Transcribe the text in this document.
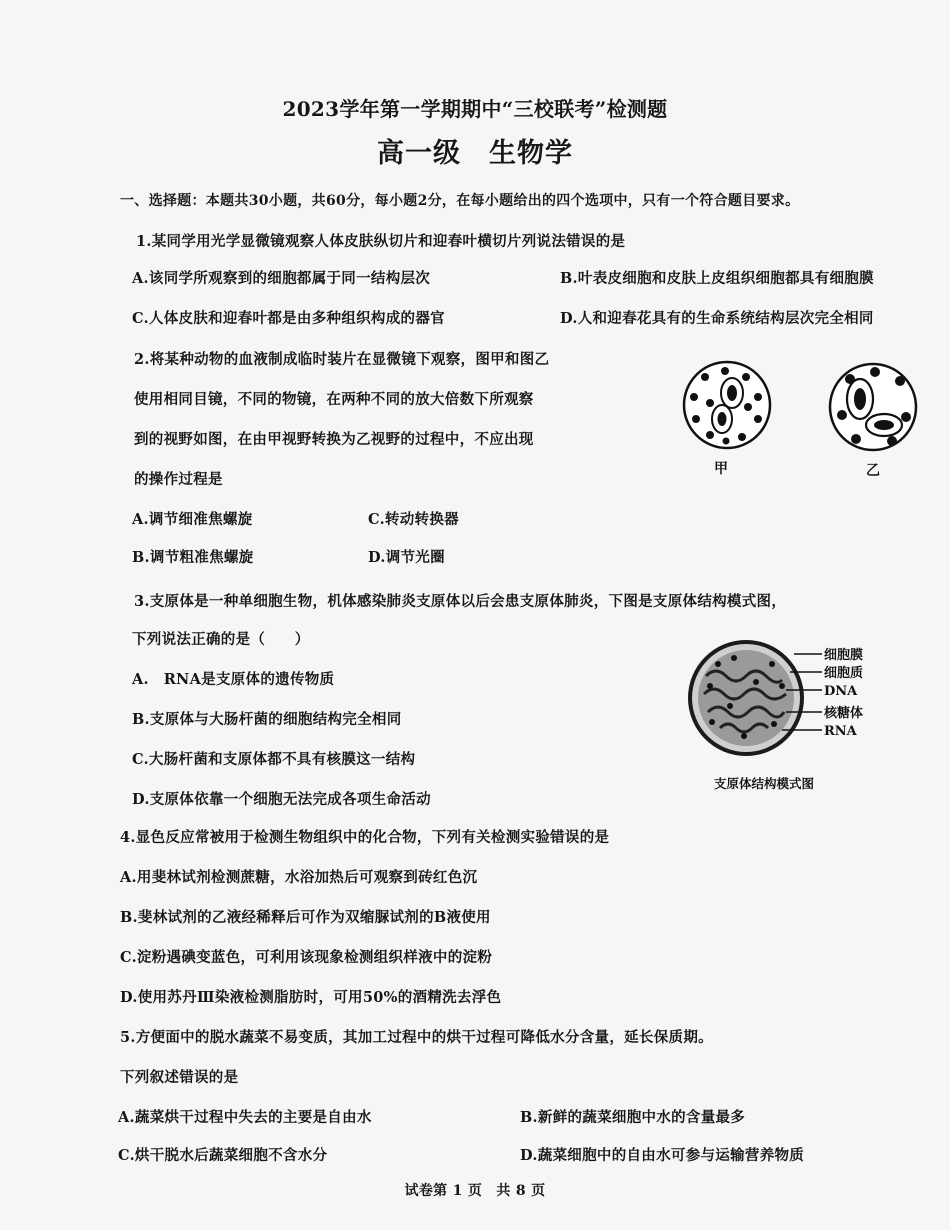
2023学年第一学期期中“三校联考”检测题
高一级　生物学
一、选择题：本题共30小题，共60分，每小题2分，在每小题给出的四个选项中，只有一个符合题目要求。
1.某同学用光学显微镜观察人体皮肤纵切片和迎春叶横切片列说法错误的是
A.该同学所观察到的细胞都属于同一结构层次	B.叶表皮细胞和皮肤上皮组织细胞都具有细胞膜
C.人体皮肤和迎春叶都是由多种组织构成的器官	D.人和迎春花具有的生命系统结构层次完全相同
2.将某种动物的血液制成临时装片在显微镜下观察，图甲和图乙
使用相同目镜，不同的物镜，在两种不同的放大倍数下所观察
到的视野如图，在由甲视野转换为乙视野的过程中，不应出现
的操作过程是
A.调节细准焦螺旋	C.转动转换器
B.调节粗准焦螺旋	D.调节光圈
甲	乙
3.支原体是一种单细胞生物，机体感染肺炎支原体以后会患支原体肺炎，下图是支原体结构模式图，
下列说法正确的是（　　）
A.　RNA是支原体的遗传物质
B.支原体与大肠杆菌的细胞结构完全相同
C.大肠杆菌和支原体都不具有核膜这一结构
D.支原体依靠一个细胞无法完成各项生命活动
细胞膜
细胞质
DNA
核糖体
RNA
支原体结构模式图
4.显色反应常被用于检测生物组织中的化合物，下列有关检测实验错误的是
A.用斐林试剂检测蔗糖，水浴加热后可观察到砖红色沉
B.斐林试剂的乙液经稀释后可作为双缩脲试剂的B液使用
C.淀粉遇碘变蓝色，可利用该现象检测组织样液中的淀粉
D.使用苏丹Ⅲ染液检测脂肪时，可用50%的酒精洗去浮色
5.方便面中的脱水蔬菜不易变质，其加工过程中的烘干过程可降低水分含量，延长保质期。
下列叙述错误的是
A.蔬菜烘干过程中失去的主要是自由水	B.新鲜的蔬菜细胞中水的含量最多
C.烘干脱水后蔬菜细胞不含水分	D.蔬菜细胞中的自由水可参与运输营养物质
试卷第 1 页　共 8 页
